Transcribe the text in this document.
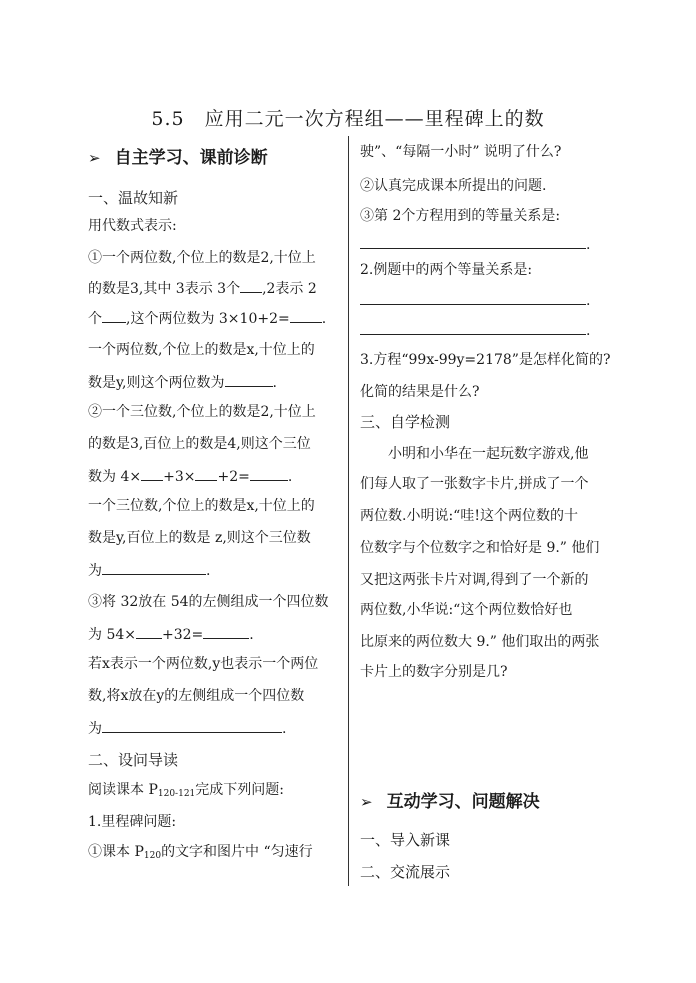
5.5　应用二元一次方程组——里程碑上的数
➢ 自主学习、课前诊断
一、温故知新
用代数式表示:
①一个两位数,个位上的数是2,十位上
的数是3,其中 3表示 3个 ,2表示 2
个 ,这个两位数为 3×10+2= .
一个两位数,个位上的数是x,十位上的
数是y,则这个两位数为	.
②一个三位数,个位上的数是2,十位上
的数是3,百位上的数是4,则这个三位
数为 4× +3× +2=	.
一个三位数,个位上的数是x,十位上的
数是y,百位上的数是 z,则这个三位数
为	.
③将 32放在 54的左侧组成一个四位数
为 54× +32=	.
若x表示一个两位数,y也表示一个两位
数,将x放在y的左侧组成一个四位数
为	.
二、设问导读
阅读课本 $P_{120-121}$完成下列问题:
1.里程碑问题:
①课本 $P_{120}$的文字和图片中 “匀速行
驶”、“每隔一小时” 说明了什么?
②认真完成课本所提出的问题.
③第 2个方程用到的等量关系是:
.
2.例题中的两个等量关系是:
.
.
3.方程“99x-99y=2178”是怎样化简的?
化简的结果是什么?
三、自学检测
小明和小华在一起玩数字游戏,他
们每人取了一张数字卡片,拼成了一个
两位数.小明说:“哇!这个两位数的十
位数字与个位数字之和恰好是 9.” 他们
又把这两张卡片对调,得到了一个新的
两位数,小华说:“这个两位数恰好也
比原来的两位数大 9.” 他们取出的两张
卡片上的数字分别是几?
➢ 互动学习、问题解决
一、导入新课
二、交流展示
